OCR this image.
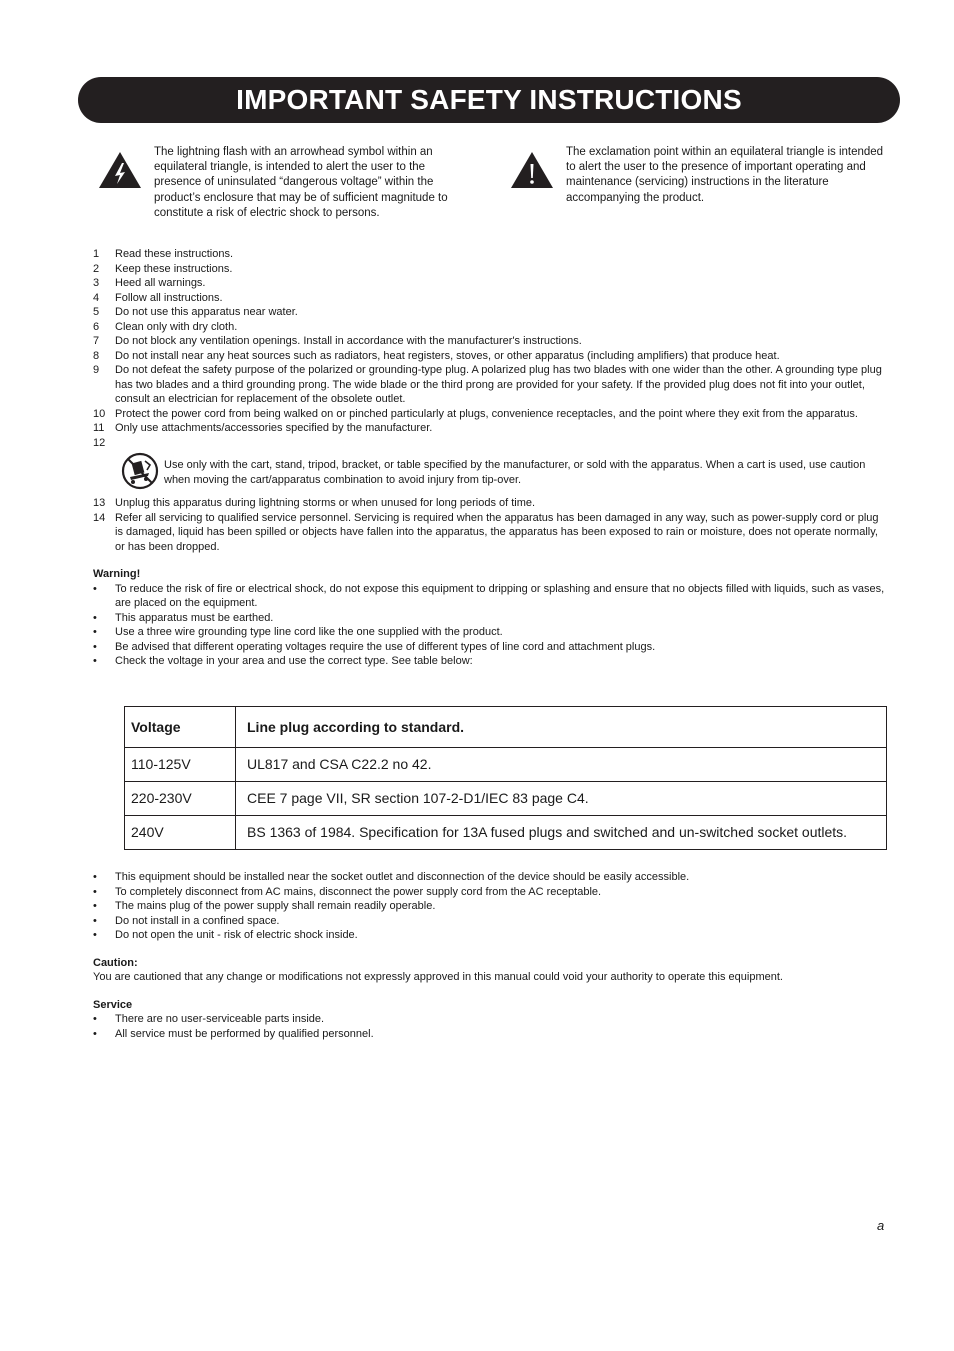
IMPORTANT SAFETY INSTRUCTIONS
The lightning flash with an arrowhead symbol within an equilateral triangle, is intended to alert the user to the presence of uninsulated “dangerous voltage” within the product’s enclosure that may be of sufficient magnitude to constitute a risk of electric shock to persons.
The exclamation point within an equilateral triangle is intended to alert the user to the presence of important operating and maintenance (servicing) instructions in the literature accompanying the product.
1 Read these instructions.
2 Keep these instructions.
3 Heed all warnings.
4 Follow all instructions.
5 Do not use this apparatus near water.
6 Clean only with dry cloth.
7 Do not block any ventilation openings. Install in accordance with the manufacturer's instructions.
8 Do not install near any heat sources such as radiators, heat registers, stoves, or other apparatus (including amplifiers) that produce heat.
9 Do not defeat the safety purpose of the polarized or grounding-type plug. A polarized plug has two blades with one wider than the other. A grounding type plug has two blades and a third grounding prong. The wide blade or the third prong are provided for your safety. If the provided plug does not fit into your outlet, consult an electrician for replacement of the obsolete outlet.
10 Protect the power cord from being walked on or pinched particularly at plugs, convenience receptacles, and the point where they exit from the apparatus.
11 Only use attachments/accessories specified by the manufacturer.
12
Use only with the cart, stand, tripod, bracket, or table specified by the manufacturer, or sold with the apparatus. When a cart is used, use caution when moving the cart/apparatus combination to avoid injury from tip-over.
13 Unplug this apparatus during lightning storms or when unused for long periods of time.
14 Refer all servicing to qualified service personnel. Servicing is required when the apparatus has been damaged in any way, such as power-supply cord or plug is damaged, liquid has been spilled or objects have fallen into the apparatus, the apparatus has been exposed to rain or moisture, does not operate normally, or has been dropped.
Warning!
• To reduce the risk of fire or electrical shock, do not expose this equipment to dripping or splashing and ensure that no objects filled with liquids, such as vases, are placed on the equipment.
• This apparatus must be earthed.
• Use a three wire grounding type line cord like the one supplied with the product.
• Be advised that different operating voltages require the use of different types of line cord and attachment plugs.
• Check the voltage in your area and use the correct type. See table below:
Voltage	Line plug according to standard.
110-125V	UL817 and CSA C22.2 no 42.
220-230V	CEE 7 page VII, SR section 107-2-D1/IEC 83 page C4.
240V	BS 1363 of 1984. Specification for 13A fused plugs and switched and un-switched socket outlets.
• This equipment should be installed near the socket outlet and disconnection of the device should be easily accessible.
• To completely disconnect from AC mains, disconnect the power supply cord from the AC receptable.
• The mains plug of the power supply shall remain readily operable.
• Do not install in a confined space.
• Do not open the unit - risk of electric shock inside.
Caution:
You are cautioned that any change or modifications not expressly approved in this manual could void your authority to operate this equipment.
Service
• There are no user-serviceable parts inside.
• All service must be performed by qualified personnel.
a
